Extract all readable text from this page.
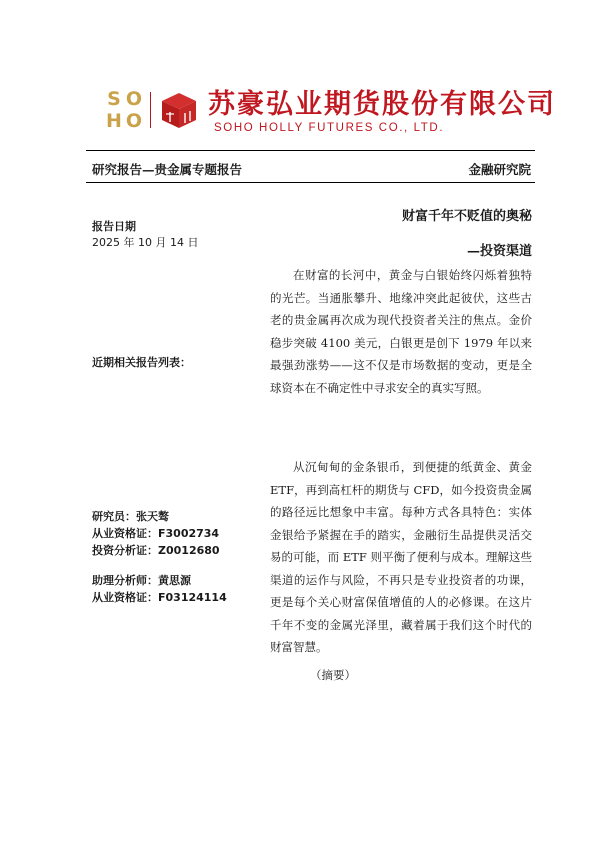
S O
H O
苏豪弘业期货股份有限公司
SOHO HOLLY FUTURES CO., LTD.
研究报告—贵金属专题报告	金融研究院
报告日期
2025 年 10 月 14 日
近期相关报告列表：
研究员：张天骜
从业资格证：F3002734
投资分析证：Z0012680
助理分析师：黄思源
从业资格证：F03124114
财富千年不贬值的奥秘
—投资渠道

在财富的长河中，黄金与白银始终闪烁着独特的光芒。当通胀攀升、地缘冲突此起彼伏，这些古老的贵金属再次成为现代投资者关注的焦点。金价稳步突破 4100 美元，白银更是创下 1979 年以来最强劲涨势——这不仅是市场数据的变动，更是全球资本在不确定性中寻求安全的真实写照。

从沉甸甸的金条银币，到便捷的纸黄金、黄金 ETF，再到高杠杆的期货与 CFD，如今投资贵金属的路径远比想象中丰富。每种方式各具特色：实体金银给予紧握在手的踏实，金融衍生品提供灵活交易的可能，而 ETF 则平衡了便利与成本。理解这些渠道的运作与风险，不再只是专业投资者的功课，更是每个关心财富保值增值的人的必修课。在这片千年不变的金属光泽里，藏着属于我们这个时代的财富智慧。

（摘要）
